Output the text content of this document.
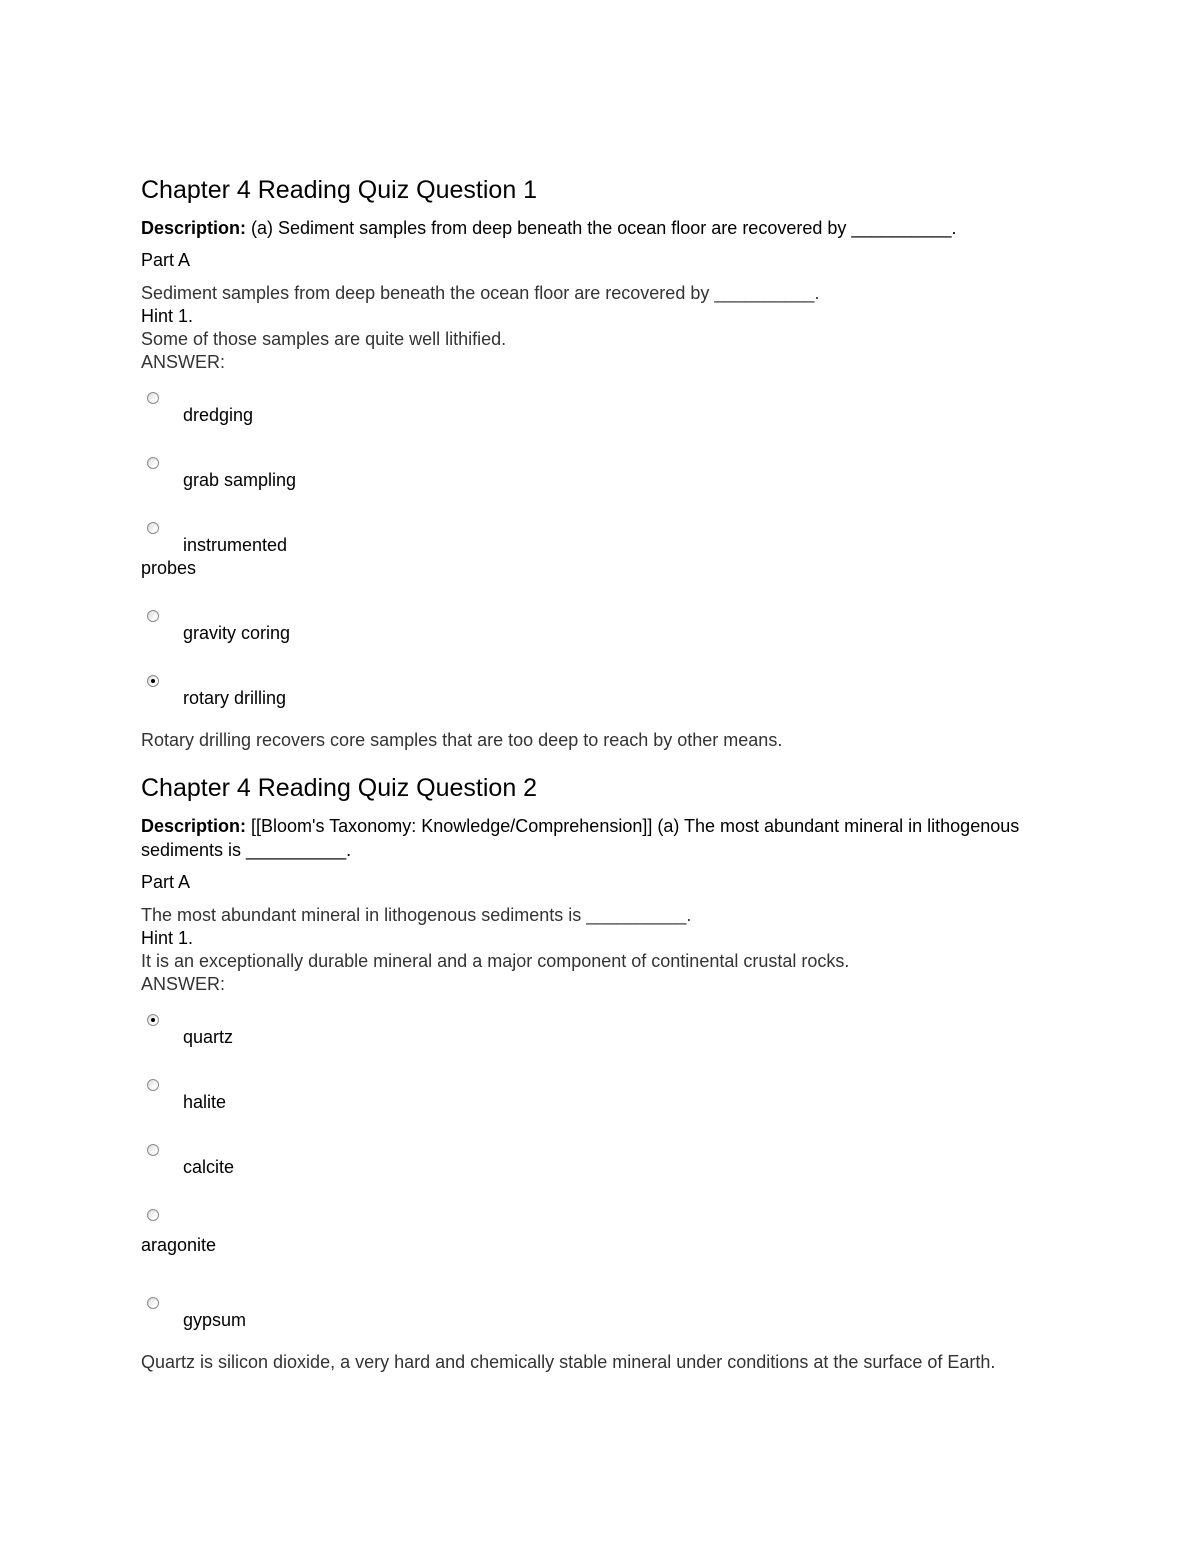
Chapter 4 Reading Quiz Question 1
Description: (a) Sediment samples from deep beneath the ocean floor are recovered by __________.
Part A
Sediment samples from deep beneath the ocean floor are recovered by __________.
Hint 1.
Some of those samples are quite well lithified.
ANSWER:
dredging
grab sampling
instrumented probes
gravity coring
rotary drilling
Rotary drilling recovers core samples that are too deep to reach by other means.
Chapter 4 Reading Quiz Question 2
Description: [[Bloom's Taxonomy: Knowledge/Comprehension]] (a) The most abundant mineral in lithogenous sediments is __________.
Part A
The most abundant mineral in lithogenous sediments is __________.
Hint 1.
It is an exceptionally durable mineral and a major component of continental crustal rocks.
ANSWER:
quartz
halite
calcite
aragonite
gypsum
Quartz is silicon dioxide, a very hard and chemically stable mineral under conditions at the surface of Earth.
